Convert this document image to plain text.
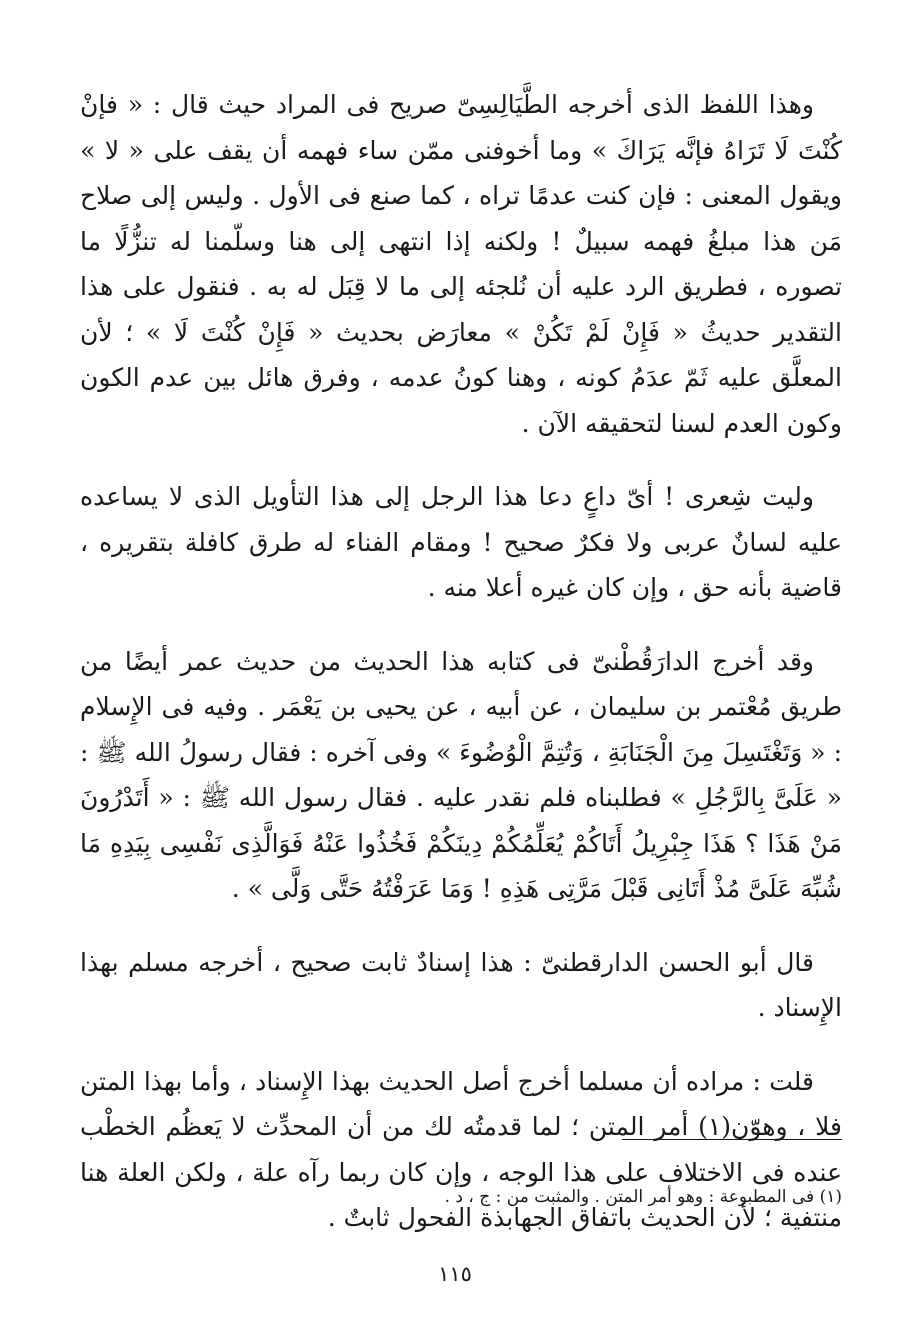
وهذا اللفظ الذى أخرجه الطَّيَالِسِىّ صريح فى المراد حيث قال : « فإنْ كُنْتَ لَا تَرَاهُ فإنَّه يَرَاكَ » وما أخوفنى ممّن ساء فهمه أن يقف على « لا » ويقول المعنى : فإن كنت عدمًا تراه ، كما صنع فى الأول . وليس إلى صلاح مَن هذا مبلغُ فهمه سبيلٌ ! ولكنه إذا انتهى إلى هنا وسلّمنا له تنزُّلًا ما تصوره ، فطريق الرد عليه أن نُلجئه إلى ما لا قِبَل له به . فنقول على هذا التقدير حديثُ « فَإِنْ لَمْ تَكُنْ » معارَض بحديث « فَإِنْ كُنْتَ لَا » ؛ لأن المعلَّق عليه ثَمّ عدَمُ كونه ، وهنا كونُ عدمه ، وفرق هائل بين عدم الكون وكون العدم لسنا لتحقيقه الآن .

وليت شِعرى ! أىّ داعٍ دعا هذا الرجل إلى هذا التأويل الذى لا يساعده عليه لسانٌ عربى ولا فكرٌ صحيح ! ومقام الفناء له طرق كافلة بتقريره ، قاضية بأنه حق ، وإن كان غيره أعلا منه .

وقد أخرج الدارَقُطْنىّ فى كتابه هذا الحديث من حديث عمر أيضًا من طريق مُعْتمر بن سليمان ، عن أبيه ، عن يحيى بن يَعْمَر . وفيه فى الإِسلام : « وَتَغْتَسِلَ مِنَ الْجَنَابَةِ ، وَتُتِمَّ الْوُضُوءَ » وفى آخره : فقال رسولُ الله ﷺ : « عَلَىَّ بِالرَّجُلِ » فطلبناه فلم نقدر عليه . فقال رسول الله ﷺ : « أَتَدْرُونَ مَنْ هَذَا ؟ هَذَا جِبْرِيلُ أَتَاكُمْ يُعَلِّمُكُمْ دِينَكُمْ فَخُذُوا عَنْهُ فَوَالَّذِى نَفْسِى بِيَدِهِ مَا شُبِّهَ عَلَىَّ مُذْ أَتَانِى قَبْلَ مَرَّتِى هَذِهِ ! وَمَا عَرَفْتُهُ حَتَّى وَلَّى » .

قال أبو الحسن الدارقطنىّ : هذا إسنادٌ ثابت صحيح ، أخرجه مسلم بهذا الإِسناد .

قلت : مراده أن مسلما أخرج أصل الحديث بهذا الإِسناد ، وأما بهذا المتن فلا ، وهوّن(١) أمر المتن ؛ لما قدمتُه لك من أن المحدِّث لا يَعظُم الخطْب عنده فى الاختلاف على هذا الوجه ، وإن كان ربما رآه علة ، ولكن العلة هنا منتفية ؛ لأن الحديث باتفاق الجهابذة الفحول ثابتٌ .

(١) فى المطبوعة : وهو أمر المتن . والمثبت من : ج ، د .
١١٥
